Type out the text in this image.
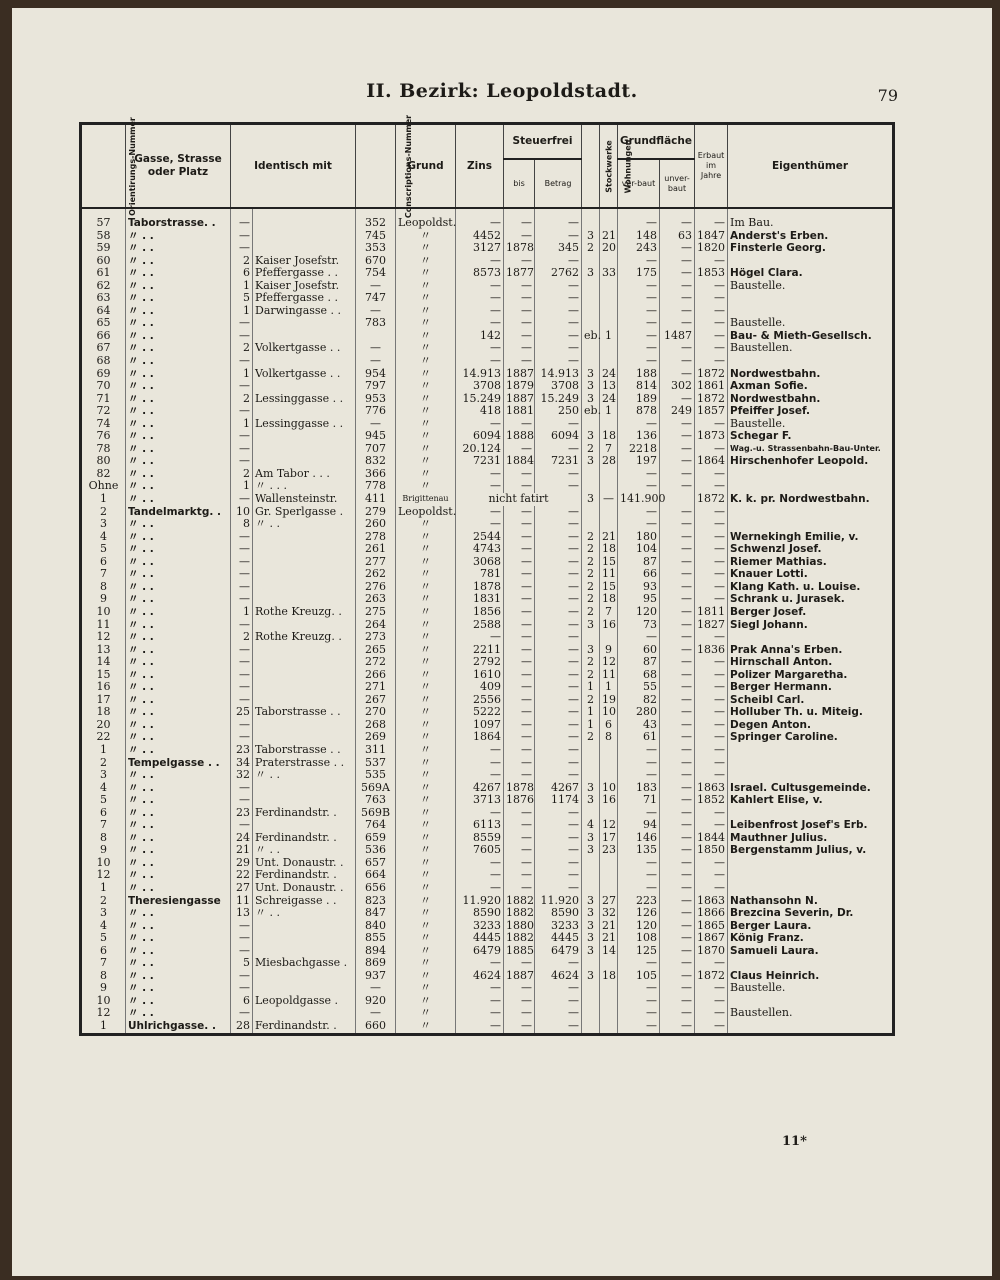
II. Bezirk: Leopoldstadt.	79
Orientirungs-Nummer	Gasse, Strasse oder Platz	Identisch mit		Conscriptions-Nummer	Grund	Zins	Steuerfrei		Stockwerke	Wohnungen	Grundfläche		Erbaut im Jahre	Eigenthümer
							bis	Betrag			ver-baut	unver-baut		
57	Taborstrasse. .	—		352	Leopoldst.	—	—	—			—	—	—	Im Bau.
58	〃 . .	—		745	〃	4452	—	—	3	21	148	63	1847	Anderst's Erben.
59	〃 . .	—		353	〃	3127	1878	345	2	20	243	—	1820	Finsterle Georg.
60	〃 . .	2	Kaiser Josefstr.	670	〃	—	—	—			—	—	—	
61	〃 . .	6	Pfeffergasse . .	754	〃	8573	1877	2762	3	33	175	—	1853	Högel Clara.
62	〃 . .	1	Kaiser Josefstr.	—	〃	—	—	—			—	—	—	Baustelle.
63	〃 . .	5	Pfeffergasse . .	747	〃	—	—	—			—	—	—	
64	〃 . .	1	Darwingasse . .	—	〃	—	—	—			—	—	—	
65	〃 . .	—		783	〃	—	—	—			—	—	—	Baustelle.
66	〃 . .	—			〃	142	—	—	eb.	1	—	1487	—	Bau- & Mieth-Gesellsch.
67	〃 . .	2	Volkertgasse . .	—	〃	—	—	—			—	—	—	Baustellen.
68	〃 . .	—		—	〃	—	—	—			—	—	—	
69	〃 . .	1	Volkertgasse . .	954	〃	14.913	1887	14.913	3	24	188	—	1872	Nordwestbahn.
70	〃 . .	—		797	〃	3708	1879	3708	3	13	814	302	1861	Axman Sofie.
71	〃 . .	2	Lessinggasse . .	953	〃	15.249	1887	15.249	3	24	189	—	1872	Nordwestbahn.
72	〃 . .	—		776	〃	418	1881	250	eb.	1	878	249	1857	Pfeiffer Josef.
74	〃 . .	1	Lessinggasse . .	—	〃	—	—	—			—	—	—	Baustelle.
76	〃 . .	—		945	〃	6094	1888	6094	3	18	136	—	1873	Schegar F.
78	〃 . .	—		707	〃	20.124	—	—	2	7	2218	—	—	Wag.-u. Strassenbahn-Bau-Unter.
80	〃 . .	—		832	〃	7231	1884	7231	3	28	197	—	1864	Hirschenhofer Leopold.
82	〃 . .	2	Am Tabor . . .	366	〃	—	—	—			—	—	—	
Ohne	〃 . .	1	〃 . . .	778	〃	—	—	—			—	—	—	
1	〃 . .	—	Wallensteinstr.	411	Brigittenau	nicht fatirt			3	—	141.900		1872	K. k. pr. Nordwestbahn.
2	Tandelmarktg. .	10	Gr. Sperlgasse .	279	Leopoldst.	—	—	—			—	—	—	
3	〃 . .	8	〃 . .	260	〃	—	—	—			—	—	—	
4	〃 . .	—		278	〃	2544	—	—	2	21	180	—	—	Wernekingh Emilie, v.
5	〃 . .	—		261	〃	4743	—	—	2	18	104	—	—	Schwenzl Josef.
6	〃 . .	—		277	〃	3068	—	—	2	15	87	—	—	Riemer Mathias.
7	〃 . .	—		262	〃	781	—	—	2	11	66	—	—	Knauer Lotti.
8	〃 . .	—		276	〃	1878	—	—	2	15	93	—	—	Klang Kath. u. Louise.
9	〃 . .	—		263	〃	1831	—	—	2	18	95	—	—	Schrank u. Jurasek.
10	〃 . .	1	Rothe Kreuzg. .	275	〃	1856	—	—	2	7	120	—	1811	Berger Josef.
11	〃 . .	—		264	〃	2588	—	—	3	16	73	—	1827	Siegl Johann.
12	〃 . .	2	Rothe Kreuzg. .	273	〃	—	—	—			—	—	—	
13	〃 . .	—		265	〃	2211	—	—	3	9	60	—	1836	Prak Anna's Erben.
14	〃 . .	—		272	〃	2792	—	—	2	12	87	—	—	Hirnschall Anton.
15	〃 . .	—		266	〃	1610	—	—	2	11	68	—	—	Polizer Margaretha.
16	〃 . .	—		271	〃	409	—	—	1	1	55	—	—	Berger Hermann.
17	〃 . .	—		267	〃	2556	—	—	2	19	82	—	—	Scheibl Carl.
18	〃 . .	25	Taborstrasse . .	270	〃	5222	—	—	1	10	280	—	—	Holluber Th. u. Miteig.
20	〃 . .	—		268	〃	1097	—	—	1	6	43	—	—	Degen Anton.
22	〃 . .	—		269	〃	1864	—	—	2	8	61	—	—	Springer Caroline.
1	〃 . .	23	Taborstrasse . .	311	〃	—	—	—			—	—	—	
2	Tempelgasse . .	34	Praterstrasse . .	537	〃	—	—	—			—	—	—	
3	〃 . .	32	〃 . .	535	〃	—	—	—			—	—	—	
4	〃 . .	—		569A	〃	4267	1878	4267	3	10	183	—	1863	Israel. Cultusgemeinde.
5	〃 . .	—		763	〃	3713	1876	1174	3	16	71	—	1852	Kahlert Elise, v.
6	〃 . .	23	Ferdinandstr. .	569B	〃	—	—	—			—	—	—	
7	〃 . .	—		764	〃	6113	—	—	4	12	94	—	—	Leibenfrost Josef's Erb.
8	〃 . .	24	Ferdinandstr. .	659	〃	8559	—	—	3	17	146	—	1844	Mauthner Julius.
9	〃 . .	21	〃 . .	536	〃	7605	—	—	3	23	135	—	1850	Bergenstamm Julius, v.
10	〃 . .	29	Unt. Donaustr. .	657	〃	—	—	—			—	—	—	
12	〃 . .	22	Ferdinandstr. .	664	〃	—	—	—			—	—	—	
1	〃 . .	27	Unt. Donaustr. .	656	〃	—	—	—			—	—	—	
2	Theresiengasse	11	Schreigasse . .	823	〃	11.920	1882	11.920	3	27	223	—	1863	Nathansohn N.
3	〃 . .	13	〃 . .	847	〃	8590	1882	8590	3	32	126	—	1866	Brezcina Severin, Dr.
4	〃 . .	—		840	〃	3233	1880	3233	3	21	120	—	1865	Berger Laura.
5	〃 . .	—		855	〃	4445	1882	4445	3	21	108	—	1867	König Franz.
6	〃 . .	—		894	〃	6479	1885	6479	3	14	125	—	1870	Samueli Laura.
7	〃 . .	5	Miesbachgasse .	869	〃	—	—	—			—	—	—	
8	〃 . .	—		937	〃	4624	1887	4624	3	18	105	—	1872	Claus Heinrich.
9	〃 . .	—		—	〃	—	—	—			—	—	—	Baustelle.
10	〃 . .	6	Leopoldgasse .	920	〃	—	—	—			—	—	—	
12	〃 . .	—		—	〃	—	—	—			—	—	—	Baustellen.
1	Uhlrichgasse. .	28	Ferdinandstr. .	660	〃	—	—	—			—	—	—	
11*
